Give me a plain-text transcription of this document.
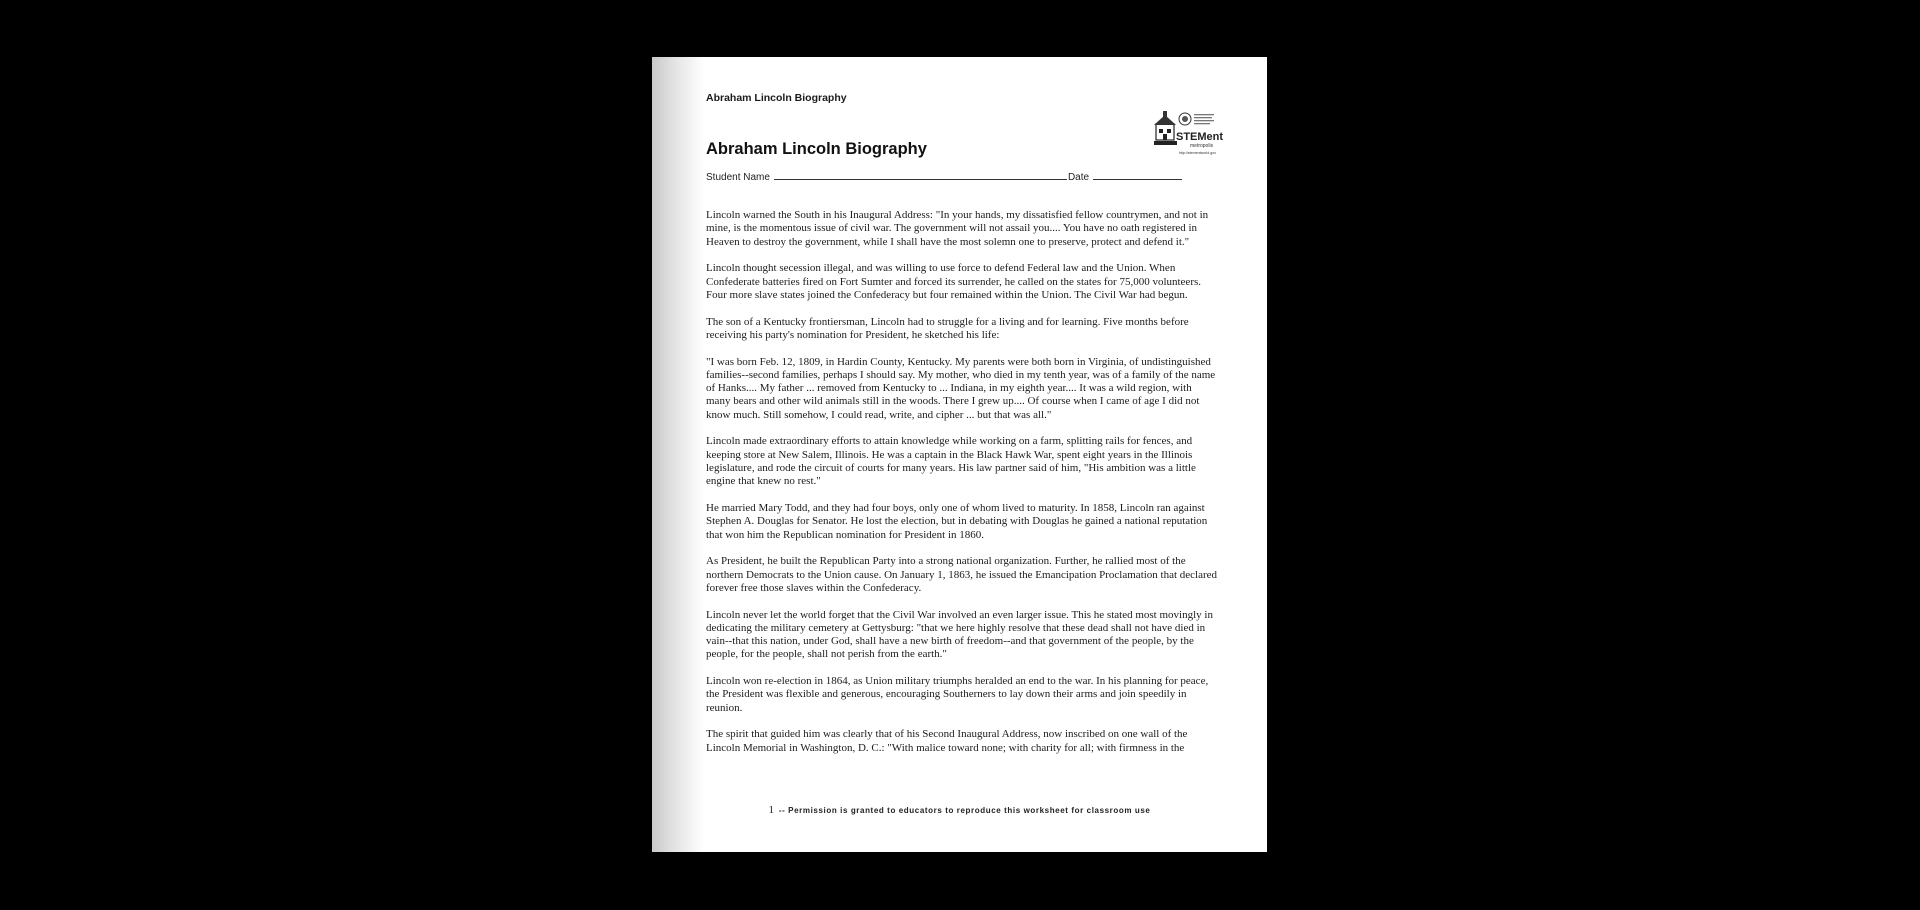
Abraham Lincoln Biography
STEMent
metropolis
http://stementworld.gov
Abraham Lincoln Biography
Student Name	Date

Lincoln warned the South in his Inaugural Address: "In your hands, my dissatisfied fellow countrymen, and not in mine, is the momentous issue of civil war. The government will not assail you.... You have no oath registered in Heaven to destroy the government, while I shall have the most solemn one to preserve, protect and defend it."

Lincoln thought secession illegal, and was willing to use force to defend Federal law and the Union. When Confederate batteries fired on Fort Sumter and forced its surrender, he called on the states for 75,000 volunteers. Four more slave states joined the Confederacy but four remained within the Union. The Civil War had begun.

The son of a Kentucky frontiersman, Lincoln had to struggle for a living and for learning. Five months before receiving his party's nomination for President, he sketched his life:

"I was born Feb. 12, 1809, in Hardin County, Kentucky. My parents were both born in Virginia, of undistinguished families--second families, perhaps I should say. My mother, who died in my tenth year, was of a family of the name of Hanks.... My father ... removed from Kentucky to ... Indiana, in my eighth year.... It was a wild region, with many bears and other wild animals still in the woods. There I grew up.... Of course when I came of age I did not know much. Still somehow, I could read, write, and cipher ... but that was all."

Lincoln made extraordinary efforts to attain knowledge while working on a farm, splitting rails for fences, and keeping store at New Salem, Illinois. He was a captain in the Black Hawk War, spent eight years in the Illinois legislature, and rode the circuit of courts for many years. His law partner said of him, "His ambition was a little engine that knew no rest."

He married Mary Todd, and they had four boys, only one of whom lived to maturity. In 1858, Lincoln ran against Stephen A. Douglas for Senator. He lost the election, but in debating with Douglas he gained a national reputation that won him the Republican nomination for President in 1860.

As President, he built the Republican Party into a strong national organization. Further, he rallied most of the northern Democrats to the Union cause. On January 1, 1863, he issued the Emancipation Proclamation that declared forever free those slaves within the Confederacy.

Lincoln never let the world forget that the Civil War involved an even larger issue. This he stated most movingly in dedicating the military cemetery at Gettysburg: "that we here highly resolve that these dead shall not have died in vain--that this nation, under God, shall have a new birth of freedom--and that government of the people, by the people, for the people, shall not perish from the earth."

Lincoln won re-election in 1864, as Union military triumphs heralded an end to the war. In his planning for peace, the President was flexible and generous, encouraging Southerners to lay down their arms and join speedily in reunion.

The spirit that guided him was clearly that of his Second Inaugural Address, now inscribed on one wall of the Lincoln Memorial in Washington, D. C.: "With malice toward none; with charity for all; with firmness in the

1 -- Permission is granted to educators to reproduce this worksheet for classroom use
